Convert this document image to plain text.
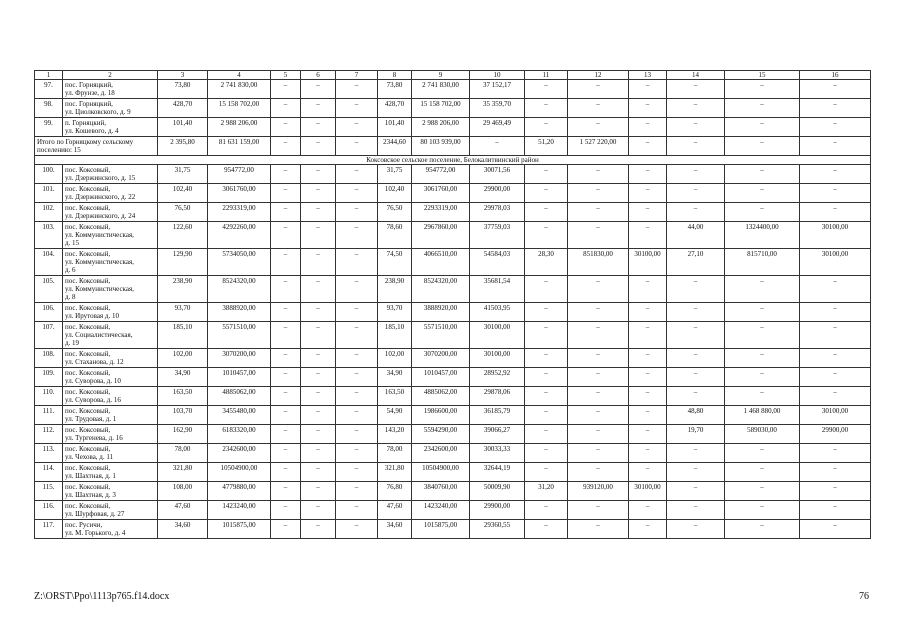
1	2	3	4	5	6	7	8	9	10	11	12	13	14	15	16
97.	пос. Горняцкий,
ул. Фрунзе, д. 18	73,80	2 741 830,00	–	–	–	73,80	2 741 830,00	37 152,17	–	–	–	–	–	–
98.	пос. Горняцкий,
ул. Циолковского, д. 9	428,70	15 158 702,00	–	–	–	428,70	15 158 702,00	35 359,70	–	–	–	–	–	–
99.	п. Горняцкий,
ул. Кошевого, д. 4	101,40	2 988 206,00	–	–	–	101,40	2 988 206,00	29 469,49	–	–	–	–	–	–
Итого по Горняцкому сельскому поселению: 15		2 395,80	81 631 159,00	–	–	–	2344,60	80 103 939,00	–	51,20	1 527 220,00	–	–	–	–
Коксовское сельское поселение, Белокалитвинский район															
100.	пос. Коксовый,
ул. Дзержинского, д. 15	31,75	954772,00	–	–	–	31,75	954772,00	30071,56	–	–	–	–	–	–
101.	пос. Коксовый,
ул. Дзержинского, д. 22	102,40	3061760,00	–	–	–	102,40	3061760,00	29900,00	–	–	–	–	–	–
102.	пос. Коксовый,
ул. Дзержинского, д. 24	76,50	2293319,00	–	–	–	76,50	2293319,00	29978,03	–	–	–	–	–	–
103.	пос. Коксовый,
ул. Коммунистическая,
д. 15	122,60	4292260,00	–	–	–	78,60	2967860,00	37759,03	–	–	–	44,00	1324400,00	30100,00
104.	пос. Коксовый,
ул. Коммунистическая,
д. 6	129,90	5734050,00	–	–	–	74,50	4066510,00	54584,03	28,30	851830,00	30100,00	27,10	815710,00	30100,00
105.	пос. Коксовый,
ул. Коммунистическая,
д. 8	238,90	8524320,00	–	–	–	238,90	8524320,00	35681,54	–	–	–	–	–	–
106.	пос. Коксовый,
ул. Ирутовая д. 10	93,70	3888920,00	–	–	–	93,70	3888920,00	41503,95	–	–	–	–	–	–
107.	пос. Коксовый,
ул. Социалистическая,
д. 19	185,10	5571510,00	–	–	–	185,10	5571510,00	30100,00	–	–	–	–	–	–
108.	пос. Коксовый,
ул. Стаханова, д. 12	102,00	3070200,00	–	–	–	102,00	3070200,00	30100,00	–	–	–	–	–	–
109.	пос. Коксовый,
ул. Суворова, д. 10	34,90	1010457,00	–	–	–	34,90	1010457,00	28952,92	–	–	–	–	–	–
110.	пос. Коксовый,
ул. Суворова, д. 16	163,50	4885062,00	–	–	–	163,50	4885062,00	29878,06	–	–	–	–	–	–
111.	пос. Коксовый,
ул. Трудовая, д. 1	103,70	3455480,00	–	–	–	54,90	1986600,00	36185,79	–	–	–	48,80	1 468 880,00	30100,00
112.	пос. Коксовый,
ул. Тургенева, д. 16	162,90	6183320,00	–	–	–	143,20	5594290,00	39066,27	–	–	–	19,70	589030,00	29900,00
113.	пос. Коксовый,
ул. Чехова, д. 11	78,00	2342600,00	–	–	–	78,00	2342600,00	30033,33	–	–	–	–	–	–
114.	пос. Коксовый,
ул. Шахтная, д. 1	321,80	10504900,00	–	–	–	321,80	10504900,00	32644,19	–	–	–	–	–	–
115.	пос. Коксовый,
ул. Шахтная, д. 3	108,00	4779880,00	–	–	–	76,80	3840760,00	50009,90	31,20	939120,00	30100,00	–	–	–
116.	пос. Коксовый,
ул. Шурфовая, д. 27	47,60	1423240,00	–	–	–	47,60	1423240,00	29900,00	–	–	–	–	–	–
117.	пос. Русичи,
ул. М. Горького, д. 4	34,60	1015875,00	–	–	–	34,60	1015875,00	29360,55	–	–	–	–	–	–
Z:\ORST\Ppo\1113p765.f14.docx	76
